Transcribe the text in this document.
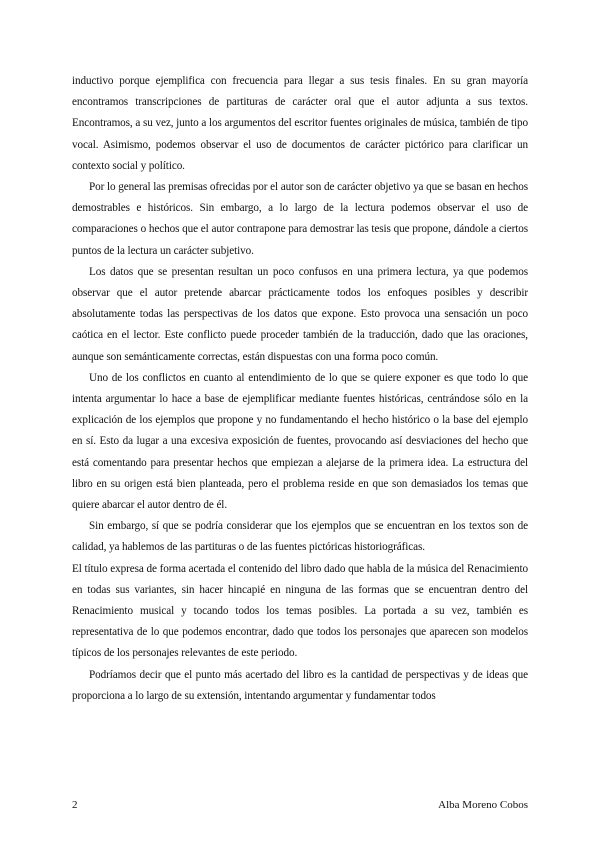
inductivo porque ejemplifica con frecuencia para llegar a sus tesis finales. En su gran mayoría encontramos transcripciones de partituras de carácter oral que el autor adjunta a sus textos. Encontramos, a su vez, junto a los argumentos del escritor fuentes originales de música, también de tipo vocal. Asimismo, podemos observar el uso de documentos de carácter pictórico para clarificar un contexto social y político.

Por lo general las premisas ofrecidas por el autor son de carácter objetivo ya que se basan en hechos demostrables e históricos. Sin embargo, a lo largo de la lectura podemos observar el uso de comparaciones o hechos que el autor contrapone para demostrar las tesis que propone, dándole a ciertos puntos de la lectura un carácter subjetivo.

Los datos que se presentan resultan un poco confusos en una primera lectura, ya que podemos observar que el autor pretende abarcar prácticamente todos los enfoques posibles y describir absolutamente todas las perspectivas de los datos que expone. Esto provoca una sensación un poco caótica en el lector. Este conflicto puede proceder también de la traducción, dado que las oraciones, aunque son semánticamente correctas, están dispuestas con una forma poco común.

Uno de los conflictos en cuanto al entendimiento de lo que se quiere exponer es que todo lo que intenta argumentar lo hace a base de ejemplificar mediante fuentes históricas, centrándose sólo en la explicación de los ejemplos que propone y no fundamentando el hecho histórico o la base del ejemplo en sí. Esto da lugar a una excesiva exposición de fuentes, provocando así desviaciones del hecho que está comentando para presentar hechos que empiezan a alejarse de la primera idea. La estructura del libro en su origen está bien planteada, pero el problema reside en que son demasiados los temas que quiere abarcar el autor dentro de él.

Sin embargo, sí que se podría considerar que los ejemplos que se encuentran en los textos son de calidad, ya hablemos de las partituras o de las fuentes pictóricas historiográficas.

El título expresa de forma acertada el contenido del libro dado que habla de la música del Renacimiento en todas sus variantes, sin hacer hincapié en ninguna de las formas que se encuentran dentro del Renacimiento musical y tocando todos los temas posibles. La portada a su vez, también es representativa de lo que podemos encontrar, dado que todos los personajes que aparecen son modelos típicos de los personajes relevantes de este periodo.

Podríamos decir que el punto más acertado del libro es la cantidad de perspectivas y de ideas que proporciona a lo largo de su extensión, intentando argumentar y fundamentar todos

2	Alba Moreno Cobos
